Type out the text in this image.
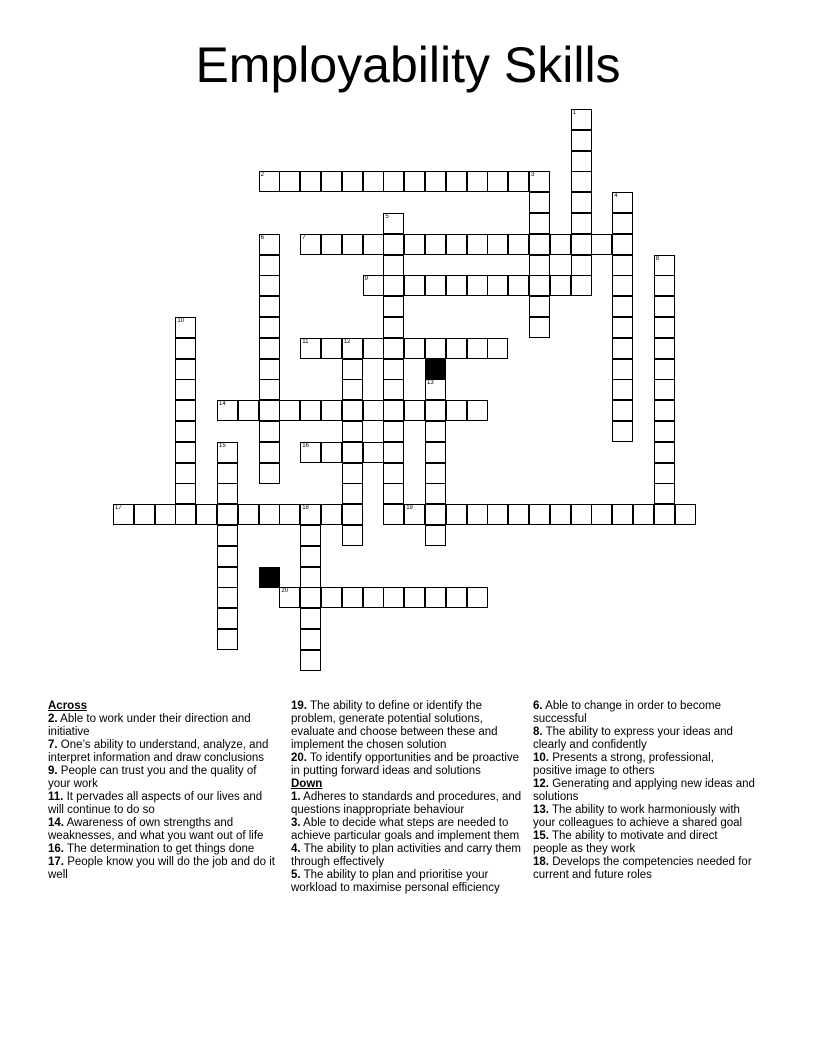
Employability Skills
1
2	3
4
5
6	7
8
9
10
11	12
13
14
15	16
17	18	19
20
Across
2. Able to work under their direction and initiative
7. One’s ability to understand, analyze, and interpret information and draw conclusions
9. People can trust you and the quality of your work
11. It pervades all aspects of our lives and will continue to do so
14. Awareness of own strengths and weaknesses, and what you want out of life
16. The determination to get things done
17. People know you will do the job and do it well
19. The ability to define or identify the problem, generate potential solutions, evaluate and choose between these and implement the chosen solution
20. To identify opportunities and be proactive in putting forward ideas and solutions
Down
1. Adheres to standards and procedures, and questions inappropriate behaviour
3. Able to decide what steps are needed to achieve particular goals and implement them
4. The ability to plan activities and carry them through effectively
5. The ability to plan and prioritise your workload to maximise personal efficiency
6. Able to change in order to become successful
8. The ability to express your ideas and clearly and confidently
10. Presents a strong, professional, positive image to others
12. Generating and applying new ideas and solutions
13. The ability to work harmoniously with your colleagues to achieve a shared goal
15. The ability to motivate and direct people as they work
18. Develops the competencies needed for current and future roles
